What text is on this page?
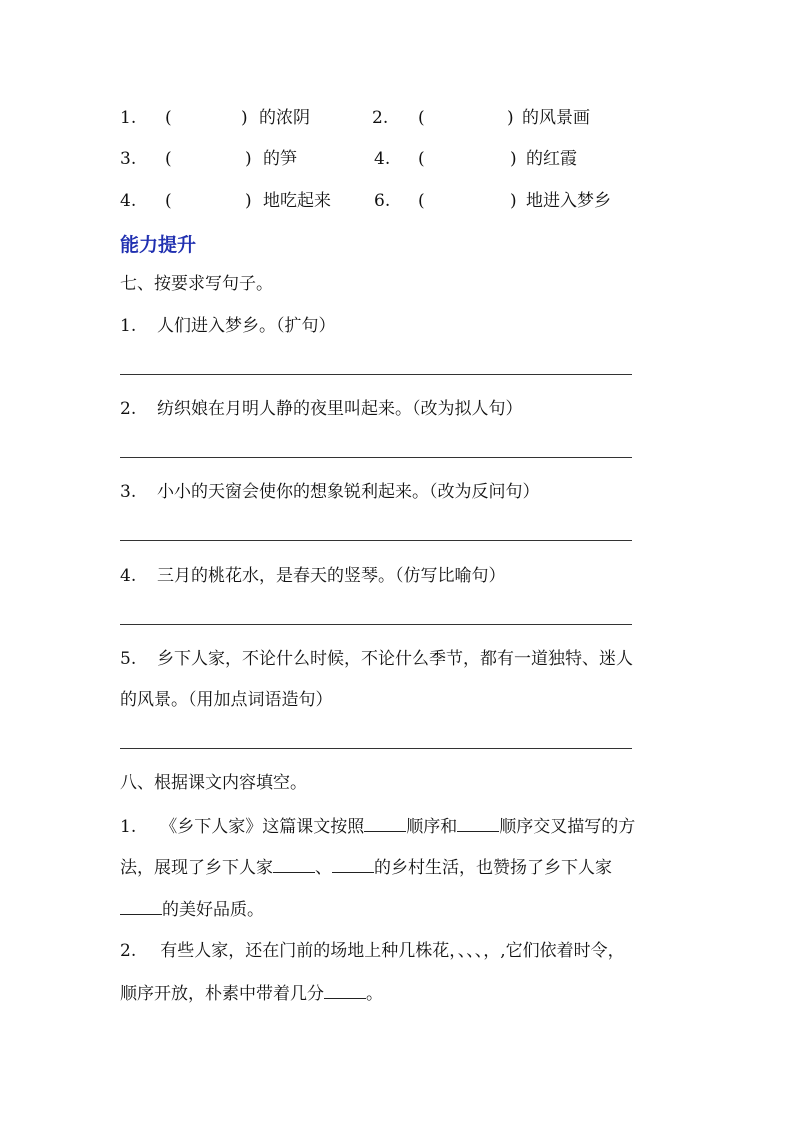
1. (	) 的浓阴	2. (	) 的风景画
3. (	) 的笋	4. (	) 的红霞
4. (	) 地吃起来	6. (	) 地进入梦乡
能力提升
七、按要求写句子。
1. 人们进入梦乡。（扩句）
2. 纺织娘在月明人静的夜里叫起来。（改为拟人句）
3. 小小的天窗会使你的想象锐利起来。（改为反问句）
4. 三月的桃花水，是春天的竖琴。（仿写比喻句）
5. 乡下人家，不论什么时候，不论什么季节，都有一道独特、迷人
的风景。（用加点词语造句）
八、根据课文内容填空。
1. 《乡下人家》这篇课文按照 顺序和 顺序交叉描写的方
法，展现了乡下人家 、 的乡村生活，也赞扬了乡下人家
的美好品质。
2. 有些人家，还在门前的场地上种几株花，、、、，,它们依着时令，
顺序开放，朴素中带着几分 。
